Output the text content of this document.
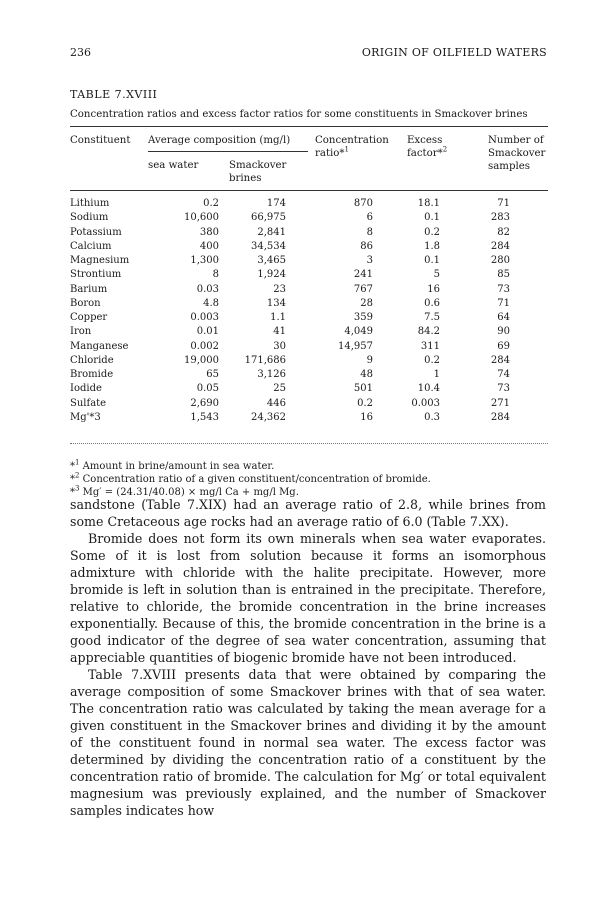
236	ORIGIN OF OILFIELD WATERS
TABLE 7.XVIII
Concentration ratios and excess factor ratios for some constituents in Smackover brines
Constituent Average composition (mg/l)
sea water	Smackover
brines
Concentration
ratio*$^1$
Excess
factor*$^2$
Number of
Smackover
samples
Lithium	0.2	174	870	18.1	71
Sodium	10,600	66,975	6	0.1	283
Potassium	380	2,841	8	0.2	82
Calcium	400	34,534	86	1.8	284
Magnesium	1,300	3,465	3	0.1	280
Strontium	8	1,924	241	5	85
Barium	0.03	23	767	16	73
Boron	4.8	134	28	0.6	71
Copper	0.003	1.1	359	7.5	64
Iron	0.01	41	4,049	84.2	90
Manganese	0.002	30	14,957	311	69
Chloride	19,000	171,686	9	0.2	284
Bromide	65	3,126	48	1	74
Iodide	0.05	25	501	10.4	73
Sulfate	2,690	446	0.2	0.003	271
Mg'*3	1,543	24,362	16	0.3	284
*$^1$ Amount in brine/amount in sea water.
*$^2$ Concentration ratio of a given constituent/concentration of bromide.
*$^3$ Mg′ = (24.31/40.08) × mg/l Ca + mg/l Mg.

sandstone (Table 7.XIX) had an average ratio of 2.8, while brines from some Cretaceous age rocks had an average ratio of 6.0 (Table 7.XX).

Bromide does not form its own minerals when sea water evaporates. Some of it is lost from solution because it forms an isomorphous admixture with chloride with the halite precipitate. However, more bromide is left in solution than is entrained in the precipitate. Therefore, relative to chloride, the bromide concentration in the brine increases exponentially. Because of this, the bromide concentration in the brine is a good indicator of the degree of sea water concentration, assuming that appreciable quantities of biogenic bromide have not been introduced.

Table 7.XVIII presents data that were obtained by comparing the average composition of some Smackover brines with that of sea water. The concentration ratio was calculated by taking the mean average for a given constituent in the Smackover brines and dividing it by the amount of the constituent found in normal sea water. The excess factor was determined by dividing the concentration ratio of a constituent by the concentration ratio of bromide. The calculation for Mg′ or total equivalent magnesium was previously explained, and the number of Smackover samples indicates how
